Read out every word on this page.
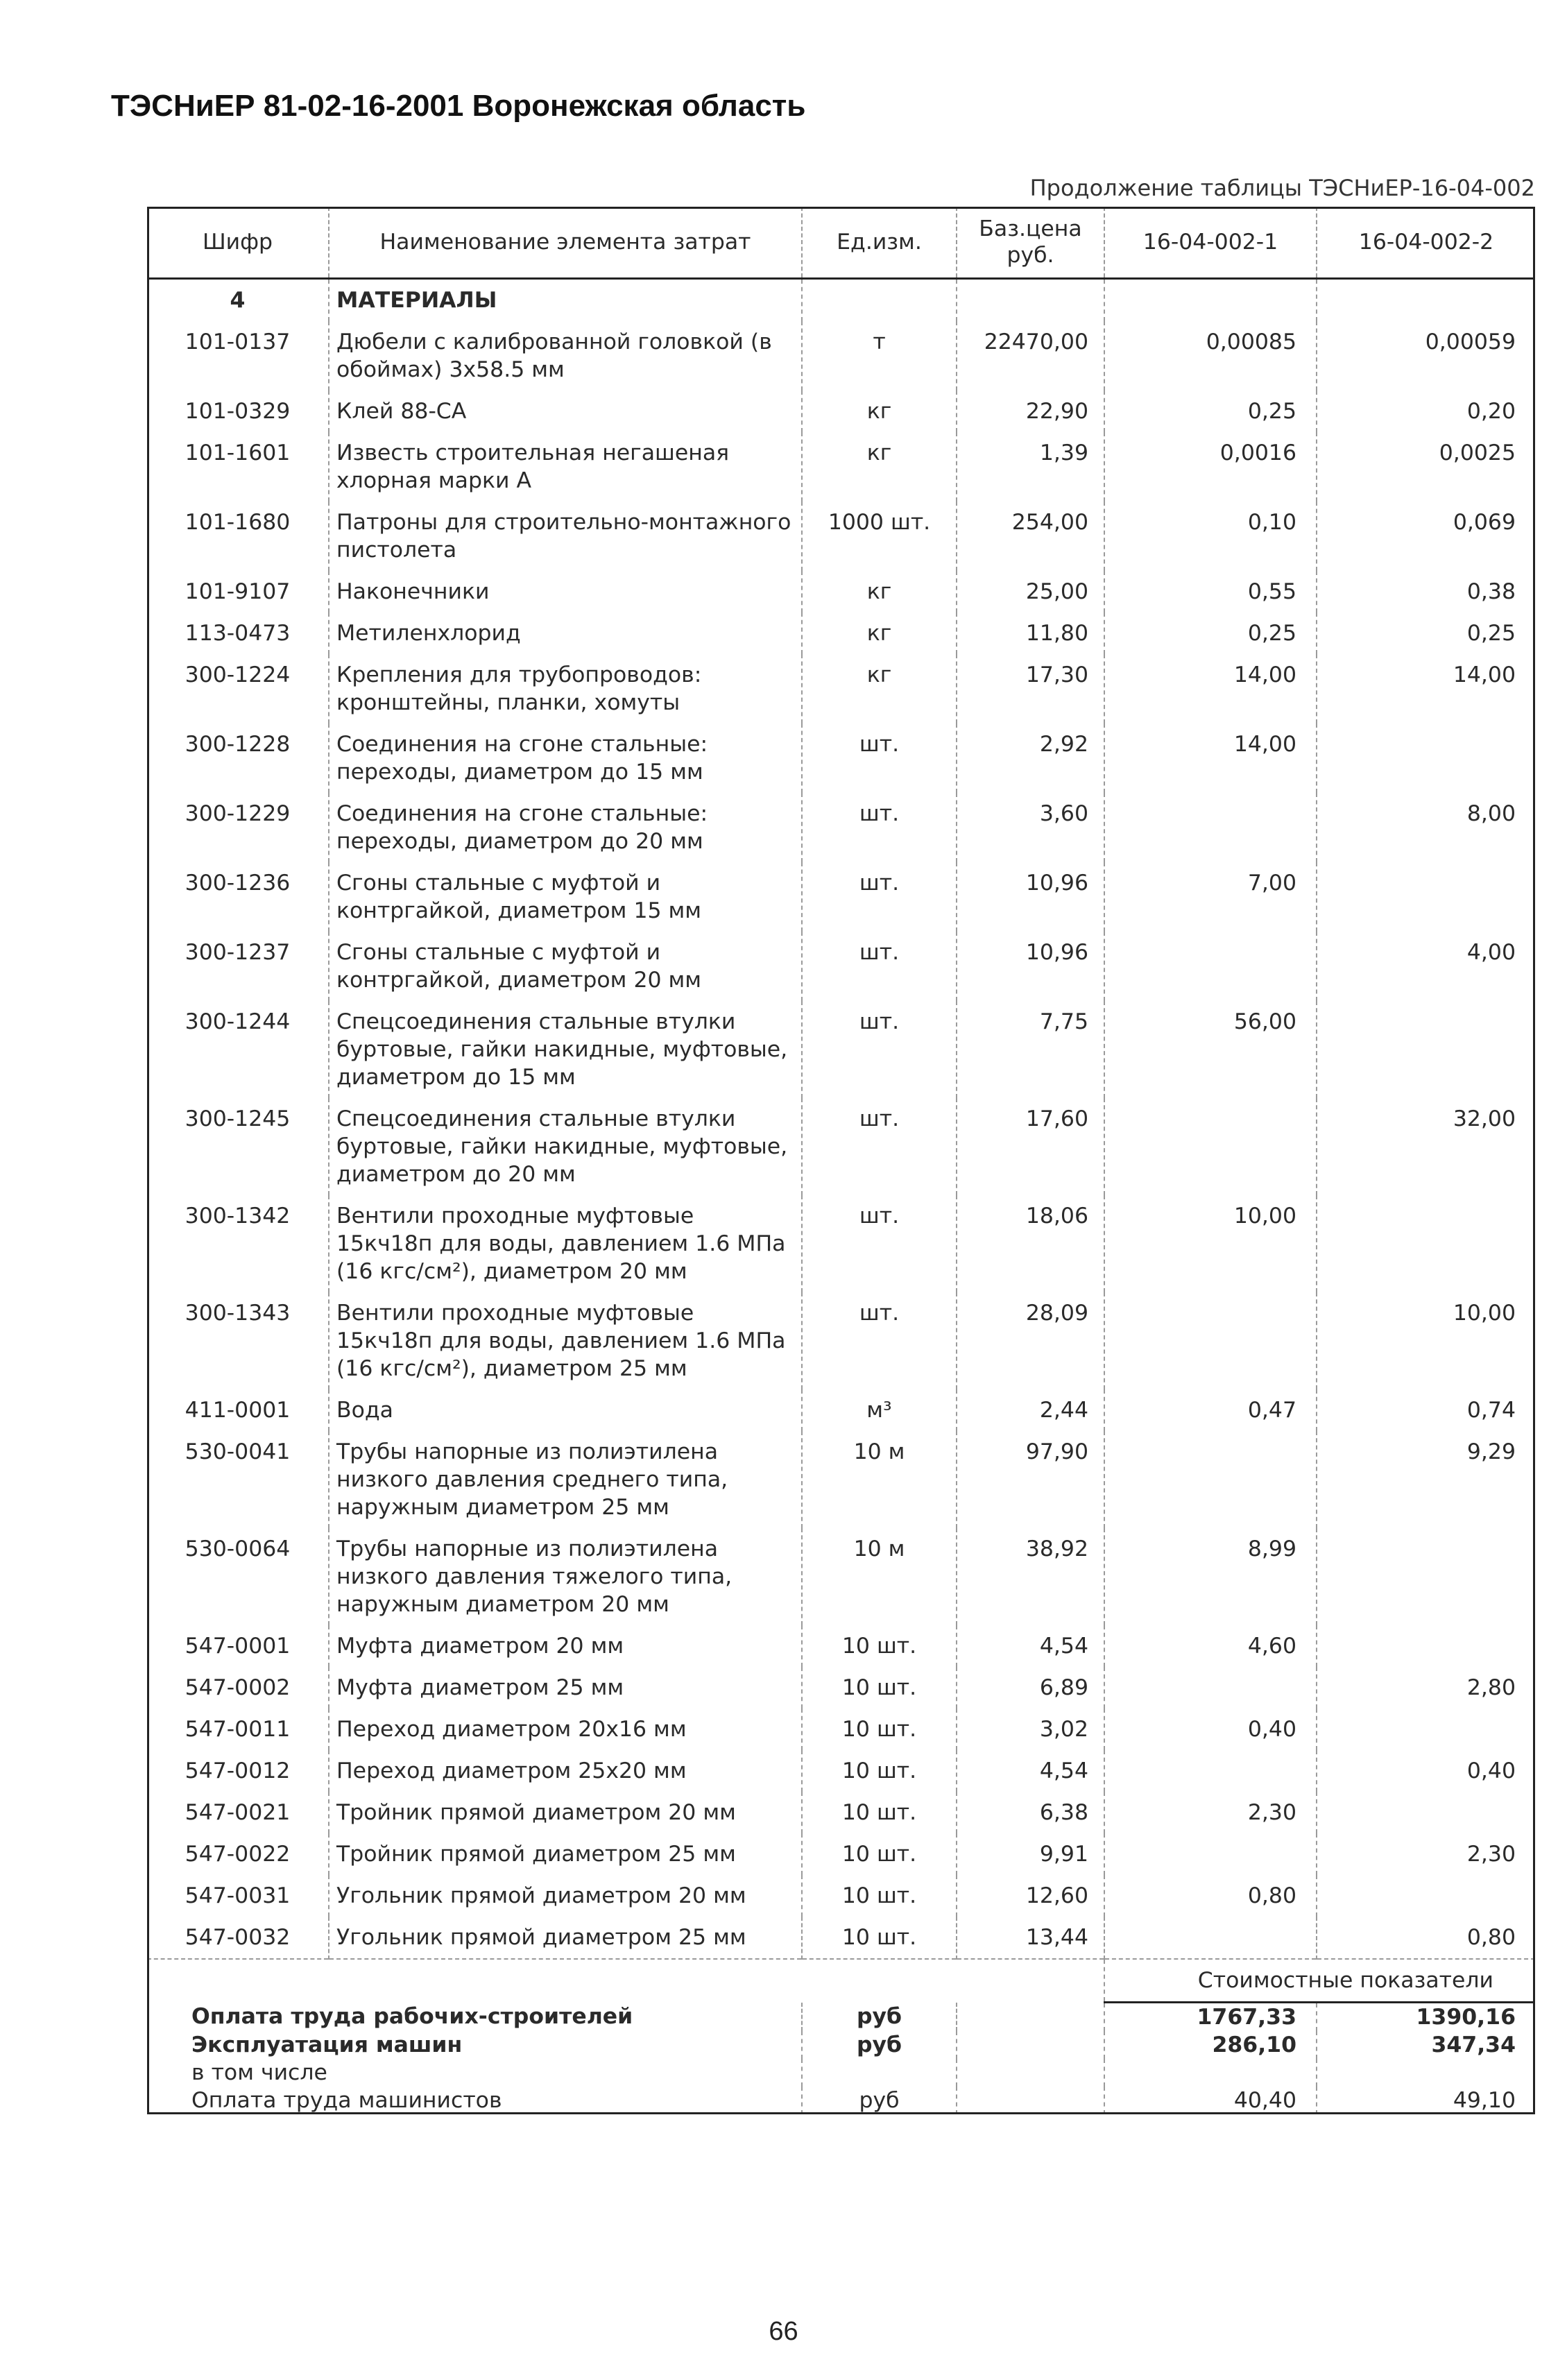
ТЭСНиЕР 81-02-16-2001 Воронежская область
Продолжение таблицы ТЭСНиЕР-16-04-002
Шифр	Наименование элемента затрат	Ед.изм.	Баз.цена
руб.	16-04-002-1	16-04-002-2
4	МАТЕРИАЛЫ				
101-0137	Дюбели с калиброванной головкой (в обоймах) 3х58.5 мм	т	22470,00	0,00085	0,00059
101-0329	Клей 88-СА	кг	22,90	0,25	0,20
101-1601	Известь строительная негашеная хлорная марки А	кг	1,39	0,0016	0,0025
101-1680	Патроны для строительно-монтажного пистолета	1000 шт.	254,00	0,10	0,069
101-9107	Наконечники	кг	25,00	0,55	0,38
113-0473	Метиленхлорид	кг	11,80	0,25	0,25
300-1224	Крепления для трубопроводов: кронштейны, планки, хомуты	кг	17,30	14,00	14,00
300-1228	Соединения на сгоне стальные: переходы, диаметром до 15 мм	шт.	2,92	14,00	
300-1229	Соединения на сгоне стальные: переходы, диаметром до 20 мм	шт.	3,60		8,00
300-1236	Сгоны стальные с муфтой и контргайкой, диаметром 15 мм	шт.	10,96	7,00	
300-1237	Сгоны стальные с муфтой и контргайкой, диаметром 20 мм	шт.	10,96		4,00
300-1244	Спецсоединения стальные втулки буртовые, гайки накидные, муфтовые, диаметром до 15 мм	шт.	7,75	56,00	
300-1245	Спецсоединения стальные втулки буртовые, гайки накидные, муфтовые, диаметром до 20 мм	шт.	17,60		32,00
300-1342	Вентили проходные муфтовые 15кч18п для воды, давлением 1.6 МПа (16 кгс/см²), диаметром 20 мм	шт.	18,06	10,00	
300-1343	Вентили проходные муфтовые 15кч18п для воды, давлением 1.6 МПа (16 кгс/см²), диаметром 25 мм	шт.	28,09		10,00
411-0001	Вода	м³	2,44	0,47	0,74
530-0041	Трубы напорные из полиэтилена низкого давления среднего типа, наружным диаметром 25 мм	10 м	97,90		9,29
530-0064	Трубы напорные из полиэтилена низкого давления тяжелого типа, наружным диаметром 20 мм	10 м	38,92	8,99	
547-0001	Муфта диаметром 20 мм	10 шт.	4,54	4,60	
547-0002	Муфта диаметром 25 мм	10 шт.	6,89		2,80
547-0011	Переход диаметром 20х16 мм	10 шт.	3,02	0,40	
547-0012	Переход диаметром 25х20 мм	10 шт.	4,54		0,40
547-0021	Тройник прямой диаметром 20 мм	10 шт.	6,38	2,30	
547-0022	Тройник прямой диаметром 25 мм	10 шт.	9,91		2,30
547-0031	Угольник прямой диаметром 20 мм	10 шт.	12,60	0,80	
547-0032	Угольник прямой диаметром 25 мм	10 шт.	13,44		0,80
				Стоимостные показатели	
Оплата труда рабочих-строителей		руб		1767,33	1390,16
Эксплуатация машин		руб		286,10	347,34
в том числе					
Оплата труда машинистов		руб		40,40	49,10
66
